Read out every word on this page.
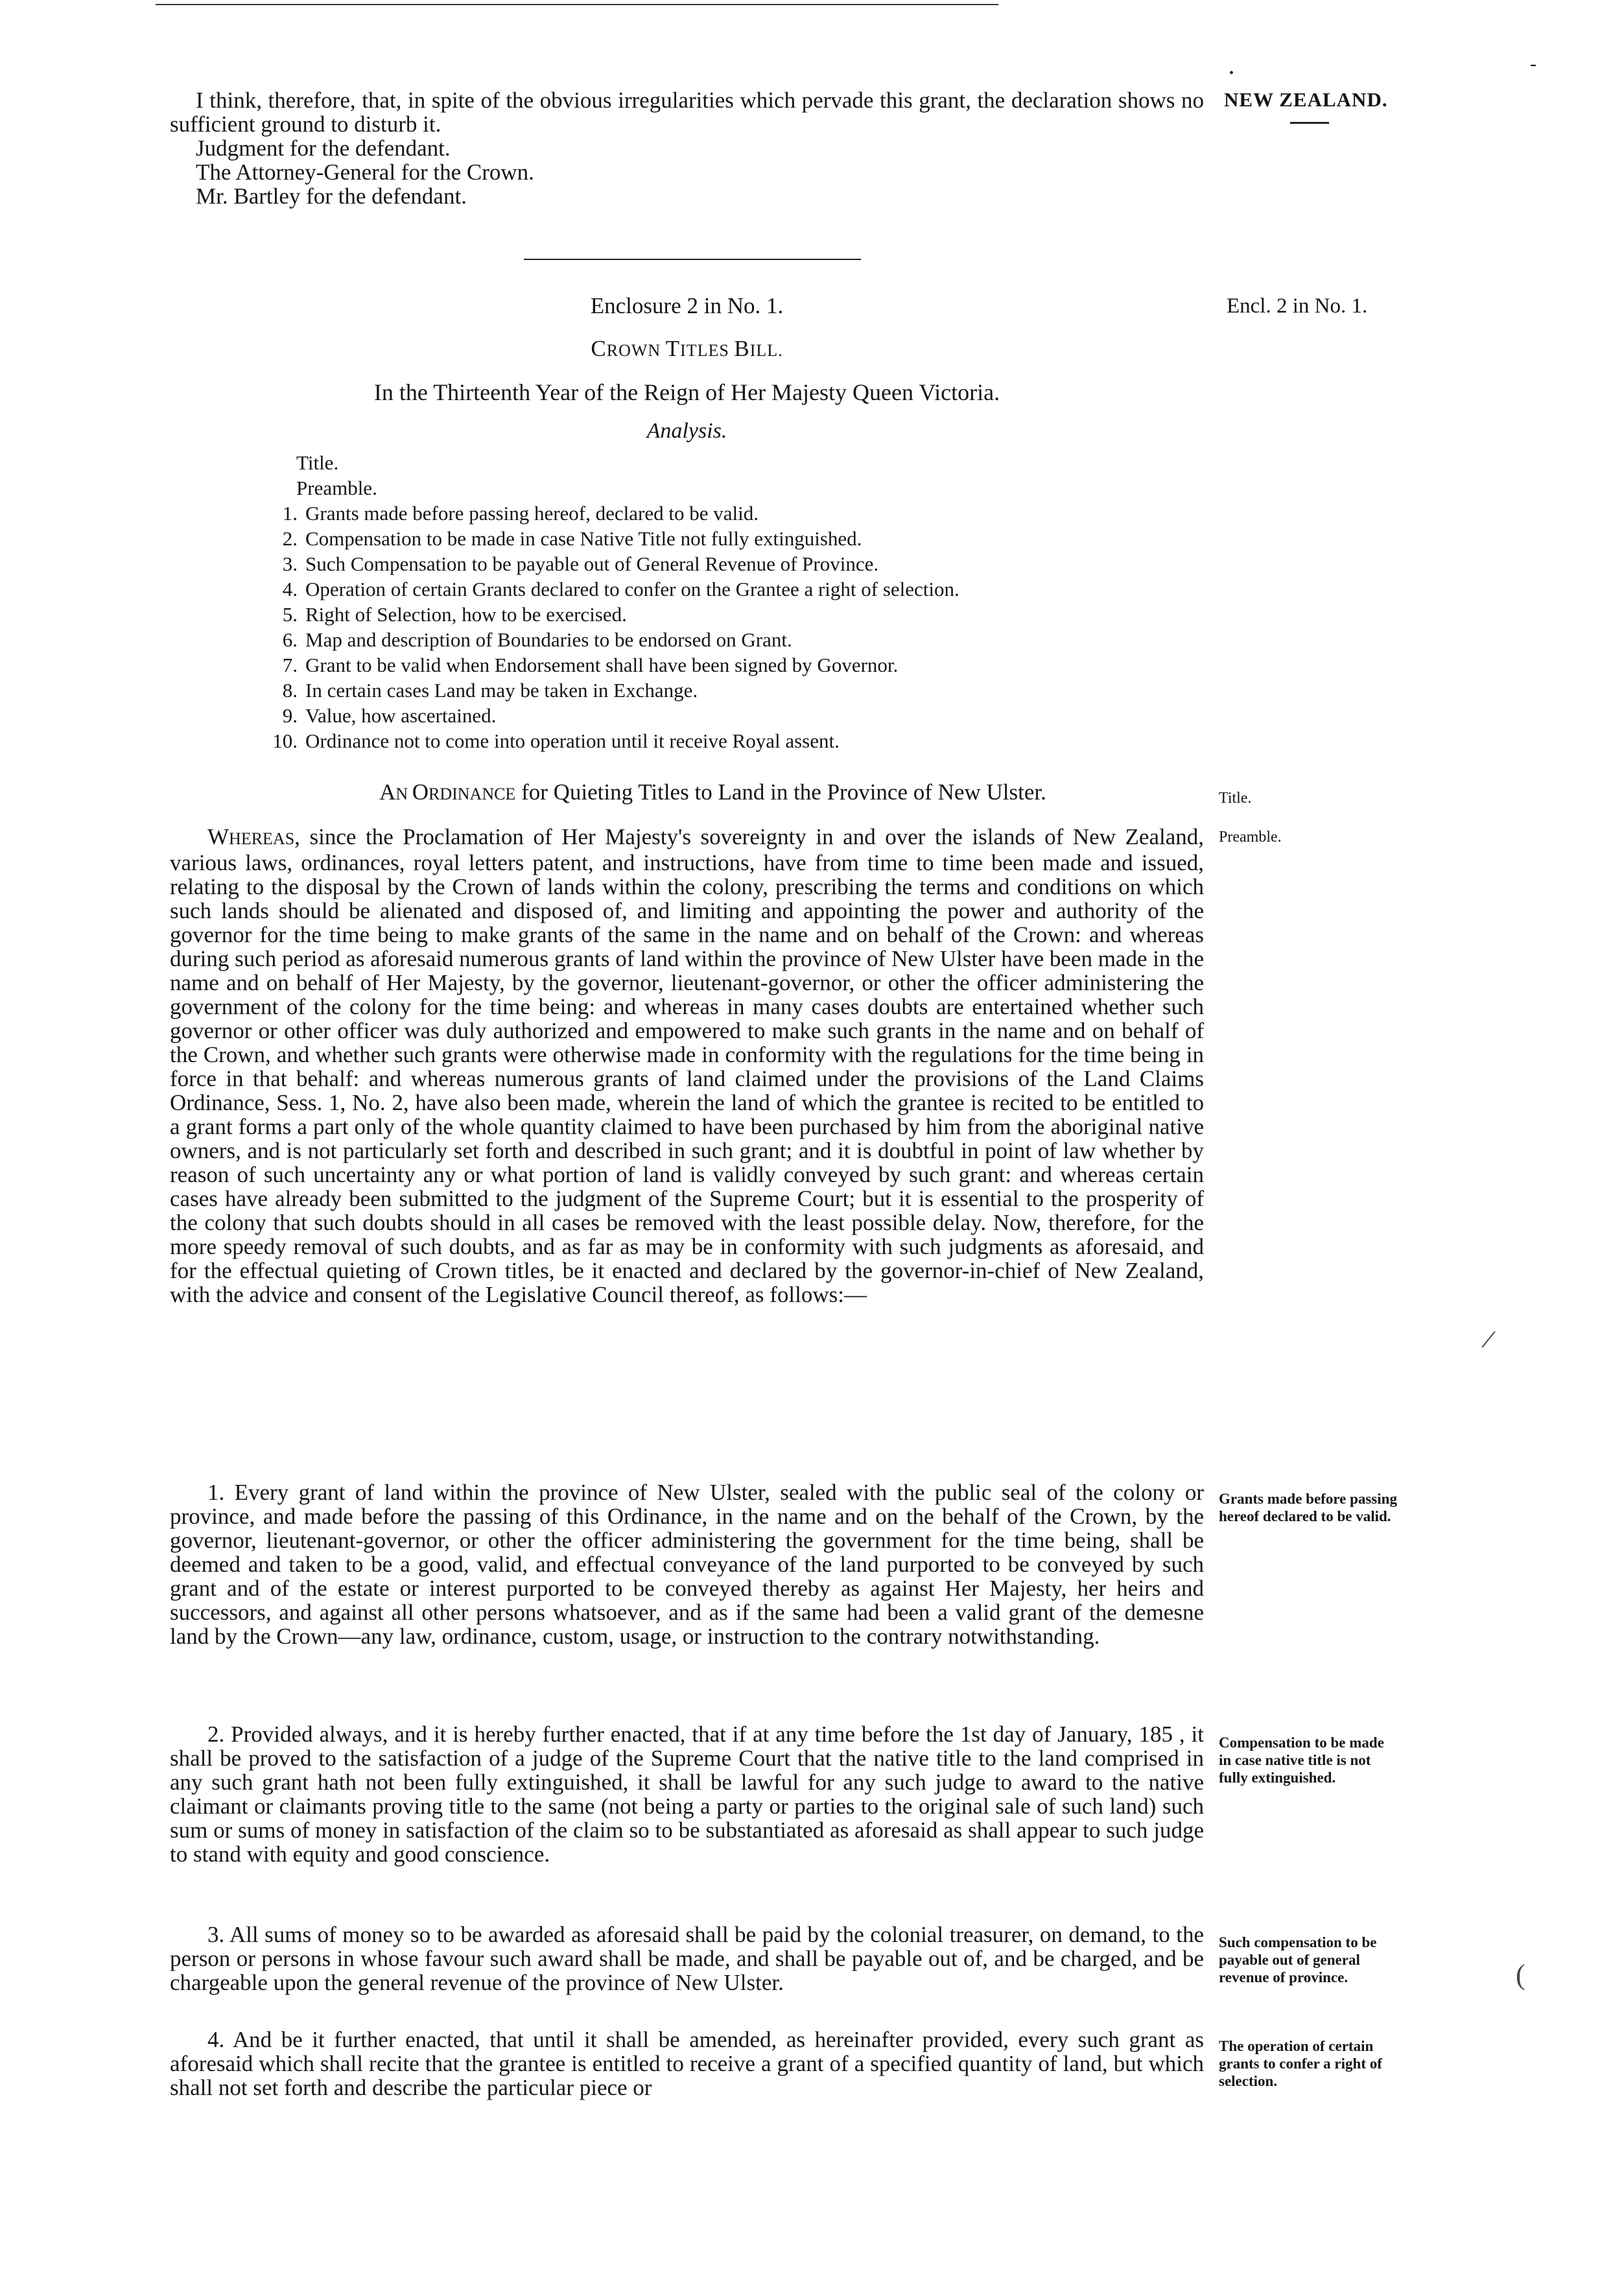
•	-
NEW ZEALAND.

I think, therefore, that, in spite of the obvious irregularities which pervade this grant, the declaration shows no sufficient ground to disturb it.

Judgment for the defendant.

The Attorney-General for the Crown.

Mr. Bartley for the defendant.

Enclosure 2 in No. 1.	Encl. 2 in No. 1.
CROWN TITLES BILL.
In the Thirteenth Year of the Reign of Her Majesty Queen Victoria.
Analysis.
Title.
Preamble.
1. Grants made before passing hereof, declared to be valid.
2. Compensation to be made in case Native Title not fully extinguished.
3. Such Compensation to be payable out of General Revenue of Province.
4. Operation of certain Grants declared to confer on the Grantee a right of selection.
5. Right of Selection, how to be exercised.
6. Map and description of Boundaries to be endorsed on Grant.
7. Grant to be valid when Endorsement shall have been signed by Governor.
8. In certain cases Land may be taken in Exchange.
9. Value, how ascertained.
10. Ordinance not to come into operation until it receive Royal assent.
AN ORDINANCE for Quieting Titles to Land in the Province of New Ulster.	Title.

WHEREAS, since the Proclamation of Her Majesty's sovereignty in and over the islands of New Zealand, various laws, ordinances, royal letters patent, and instructions, have from time to time been made and issued, relating to the disposal by the Crown of lands within the colony, prescribing the terms and conditions on which such lands should be alienated and disposed of, and limiting and appointing the power and authority of the governor for the time being to make grants of the same in the name and on behalf of the Crown: and whereas during such period as aforesaid numerous grants of land within the province of New Ulster have been made in the name and on behalf of Her Majesty, by the governor, lieutenant-governor, or other the officer administering the government of the colony for the time being: and whereas in many cases doubts are entertained whether such governor or other officer was duly authorized and empowered to make such grants in the name and on behalf of the Crown, and whether such grants were otherwise made in conformity with the regulations for the time being in force in that behalf: and whereas numerous grants of land claimed under the provisions of the Land Claims Ordinance, Sess. 1, No. 2, have also been made, wherein the land of which the grantee is recited to be entitled to a grant forms a part only of the whole quantity claimed to have been purchased by him from the aboriginal native owners, and is not particularly set forth and described in such grant; and it is doubtful in point of law whether by reason of such uncertainty any or what portion of land is validly conveyed by such grant: and whereas certain cases have already been submitted to the judgment of the Supreme Court; but it is essential to the prosperity of the colony that such doubts should in all cases be removed with the least possible delay. Now, therefore, for the more speedy removal of such doubts, and as far as may be in conformity with such judgments as aforesaid, and for the effectual quieting of Crown titles, be it enacted and declared by the governor-in-chief of New Zealand, with the advice and consent of the Legislative Council thereof, as follows:—

Preamble.

1. Every grant of land within the province of New Ulster, sealed with the public seal of the colony or province, and made before the passing of this Ordinance, in the name and on the behalf of the Crown, by the governor, lieutenant-governor, or other the officer administering the government for the time being, shall be deemed and taken to be a good, valid, and effectual conveyance of the land purported to be conveyed by such grant and of the estate or interest purported to be conveyed thereby as against Her Majesty, her heirs and successors, and against all other persons whatsoever, and as if the same had been a valid grant of the demesne land by the Crown—any law, ordinance, custom, usage, or instruction to the contrary notwithstanding.

Grants made before passing hereof declared to be valid.

2. Provided always, and it is hereby further enacted, that if at any time before the 1st day of January, 185 , it shall be proved to the satisfaction of a judge of the Supreme Court that the native title to the land comprised in any such grant hath not been fully extinguished, it shall be lawful for any such judge to award to the native claimant or claimants proving title to the same (not being a party or parties to the original sale of such land) such sum or sums of money in satisfaction of the claim so to be substantiated as aforesaid as shall appear to such judge to stand with equity and good conscience.

Compensation to be made in case native title is not fully extinguished.

3. All sums of money so to be awarded as aforesaid shall be paid by the colonial treasurer, on demand, to the person or persons in whose favour such award shall be made, and shall be payable out of, and be charged, and be chargeable upon the general revenue of the province of New Ulster.

Such compensation to be payable out of general revenue of province.

4. And be it further enacted, that until it shall be amended, as hereinafter provided, every such grant as aforesaid which shall recite that the grantee is entitled to receive a grant of a specified quantity of land, but which shall not set forth and describe the particular piece or

The operation of certain grants to confer a right of selection.
/
(
